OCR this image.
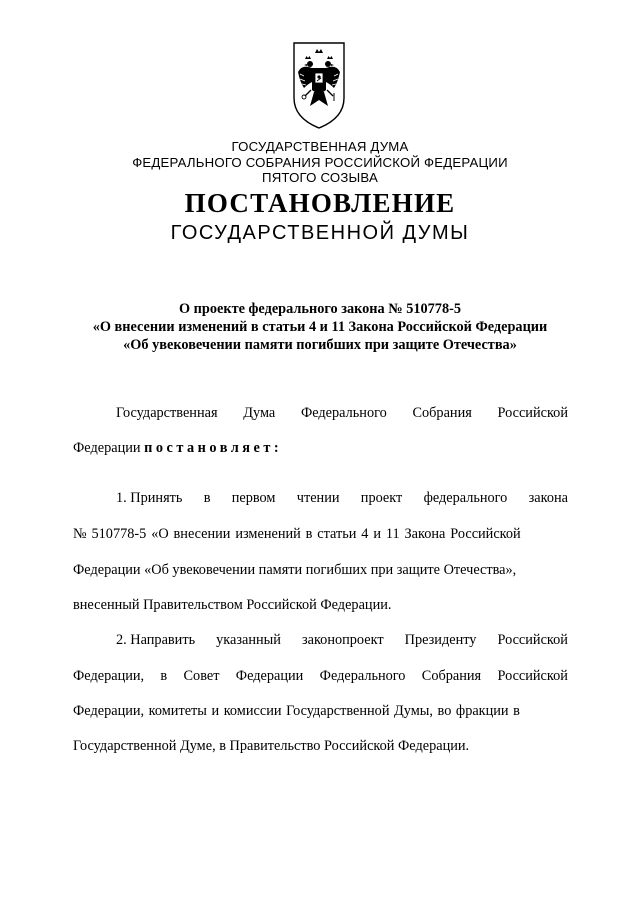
ГОСУДАРСТВЕННАЯ ДУМА
ФЕДЕРАЛЬНОГО СОБРАНИЯ РОССИЙСКОЙ ФЕДЕРАЦИИ
ПЯТОГО СОЗЫВА
ПОСТАНОВЛЕНИЕ
ГОСУДАРСТВЕННОЙ ДУМЫ
О проекте федерального закона № 510778-5
«О внесении изменений в статьи 4 и 11 Закона Российской Федерации
«Об увековечении памяти погибших при защите Отечества»
Государственная Дума Федерального Собрания Российской
Федерации постановляет:
1. Принять в первом чтении проект федерального закона
№ 510778-5 «О внесении изменений в статьи 4 и 11 Закона Российской
Федерации «Об увековечении памяти погибших при защите Отечества»,
внесенный Правительством Российской Федерации.
2. Направить указанный законопроект Президенту Российской
Федерации, в Совет Федерации Федерального Собрания Российской
Федерации, комитеты и комиссии Государственной Думы, во фракции в
Государственной Думе, в Правительство Российской Федерации.
